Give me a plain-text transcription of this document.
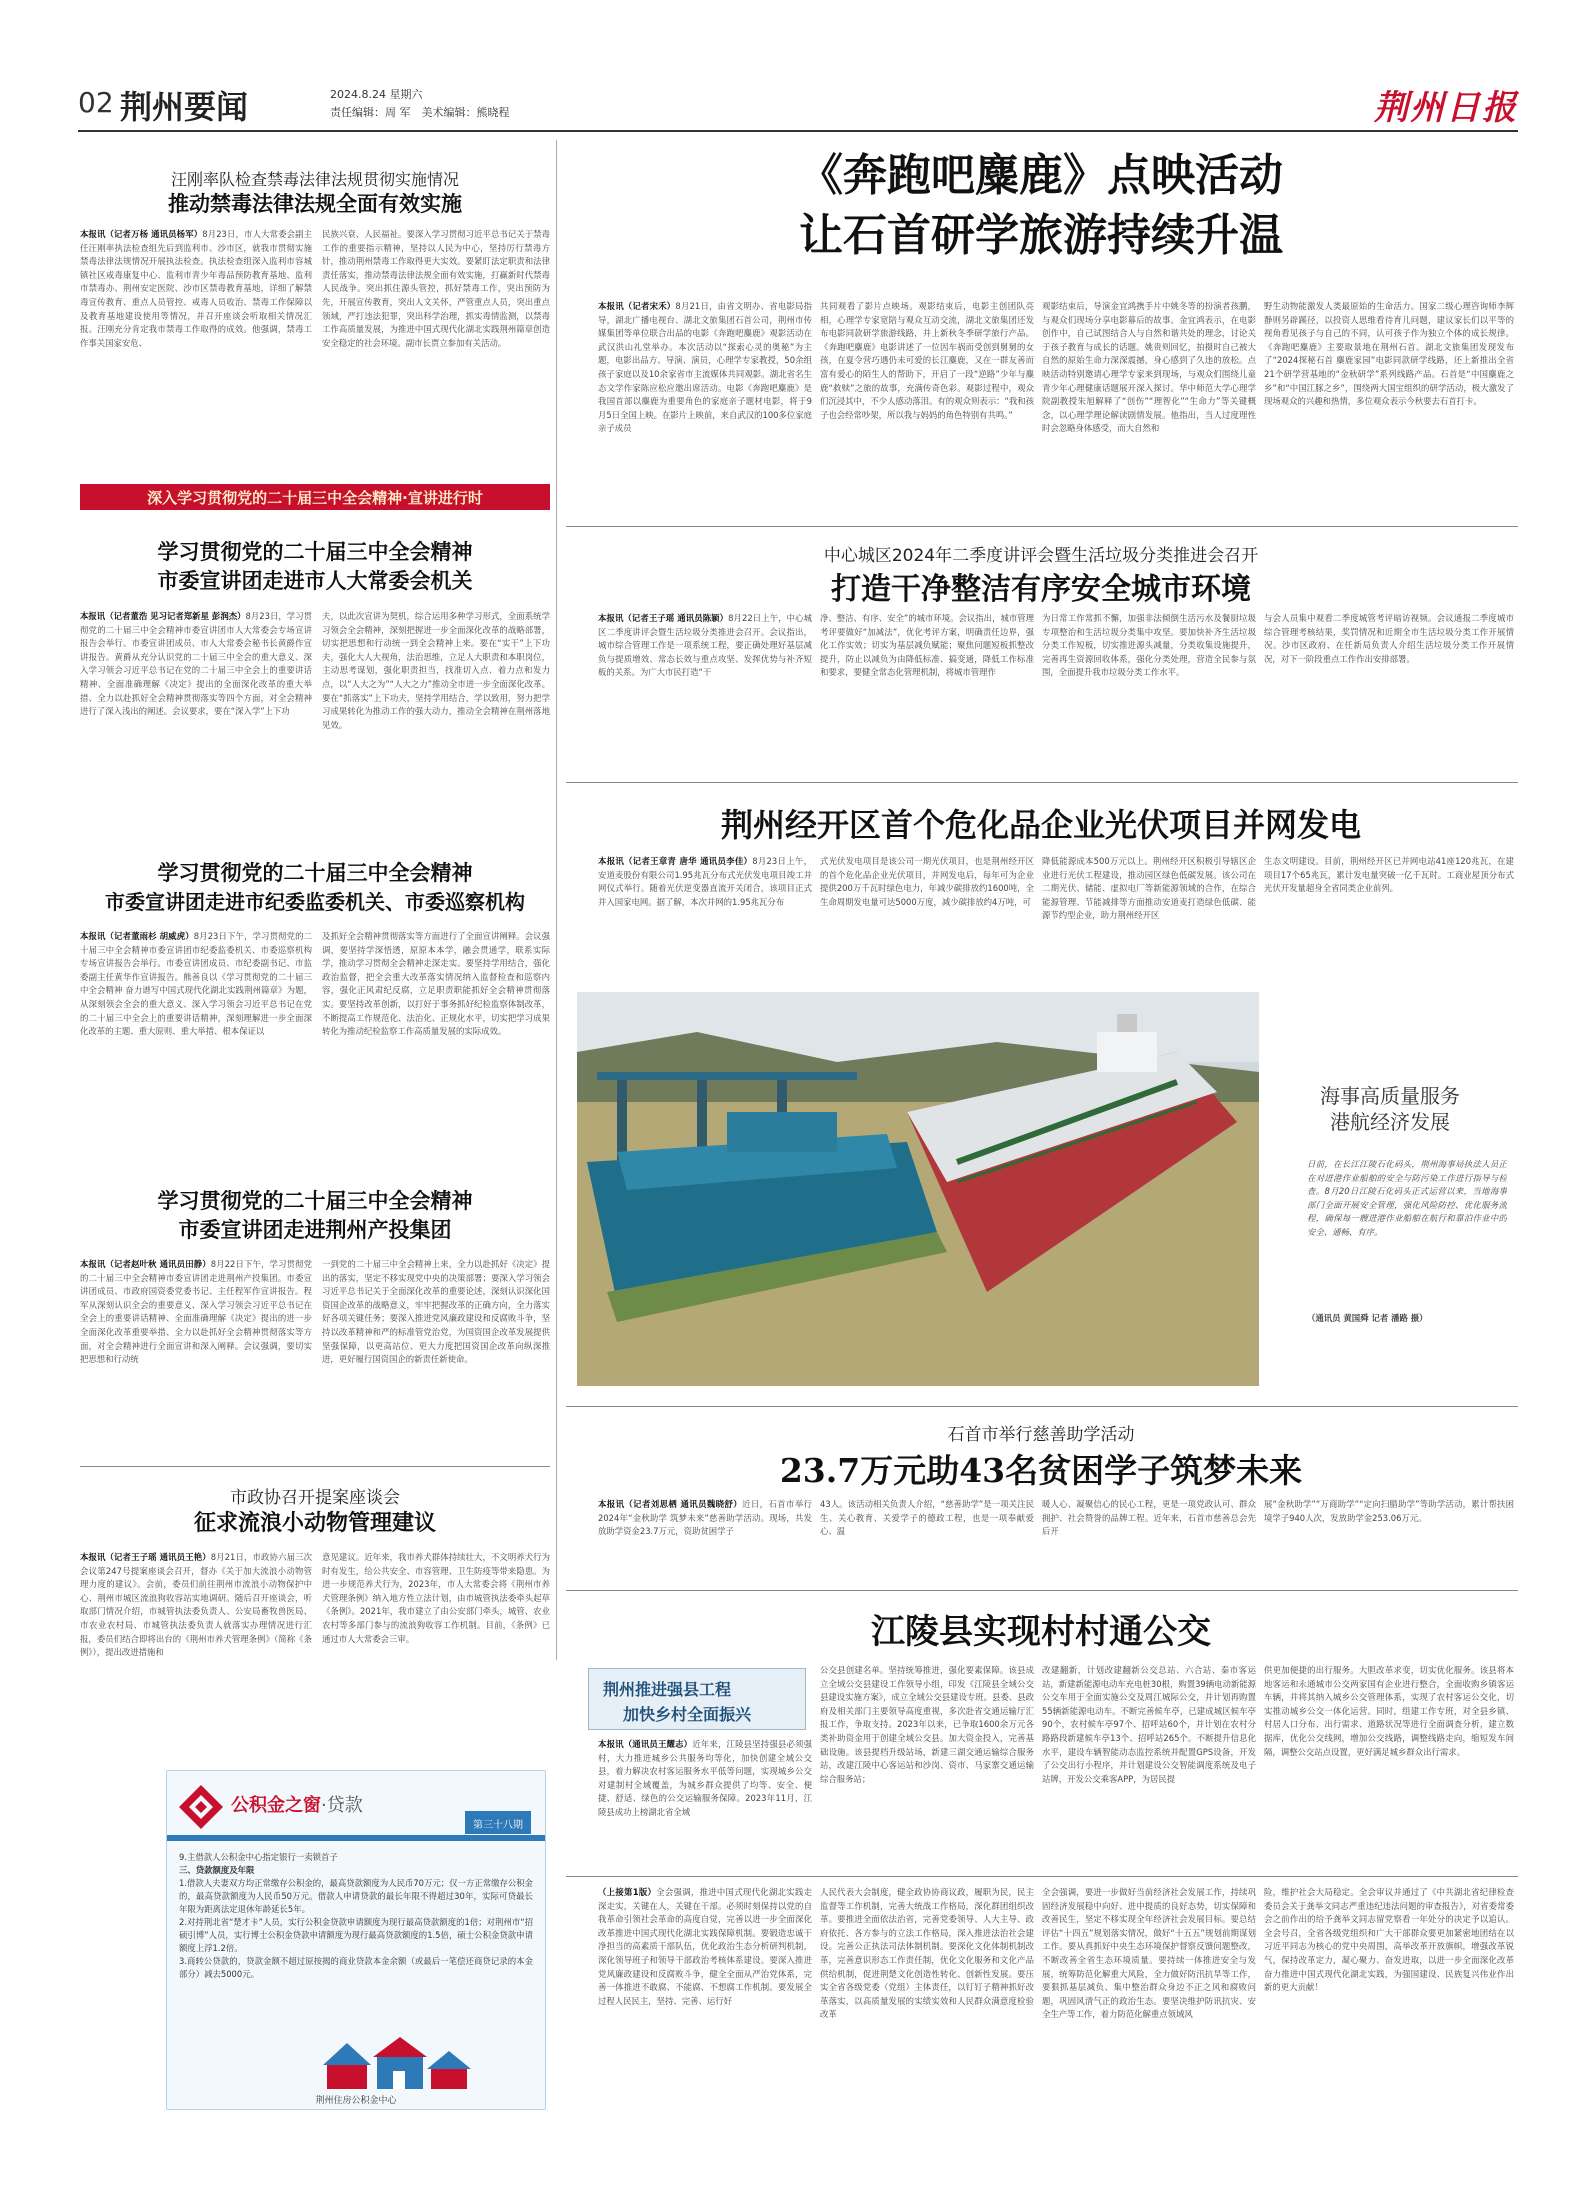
02 荆州要闻	2024.8.24 星期六
责任编辑：周 军　美术编辑：熊晓程	荆州日报
汪刚率队检查禁毒法律法规贯彻实施情况
推动禁毒法律法规全面有效实施
本报讯（记者万杨 通讯员杨军）8月23日，市人大常委会副主任汪刚率执法检查组先后到监利市、沙市区，就我市贯彻实施禁毒法律法规情况开展执法检查。执法检查组深入监利市容城镇社区戒毒康复中心、监利市青少年毒品预防教育基地、监利市禁毒办、荆州安定医院、沙市区禁毒教育基地，详细了解禁毒宣传教育、重点人员管控、戒毒人员收治、禁毒工作保障以及教育基地建设使用等情况，并召开座谈会听取相关情况汇报。汪刚充分肯定我市禁毒工作取得的成效。他强调，禁毒工作事关国家安危、
民族兴衰、人民福祉。要深入学习贯彻习近平总书记关于禁毒工作的重要指示精神，坚持以人民为中心，坚持厉行禁毒方针，推动荆州禁毒工作取得更大实效。要紧盯法定职责和法律责任落实，推动禁毒法律法规全面有效实施，打赢新时代禁毒人民战争。突出抓住源头管控，抓好禁毒工作，突出预防为先，开展宣传教育，突出人文关怀，严管重点人员，突出重点领域，严打违法犯罪，突出科学治理，抓实毒情监测，以禁毒工作高质量发展，为推进中国式现代化湖北实践荆州篇章创造安全稳定的社会环境。副市长贾立参加有关活动。
深入学习贯彻党的二十届三中全会精神·宣讲进行时
学习贯彻党的二十届三中全会精神
市委宣讲团走进市人大常委会机关
本报讯（记者董浩 见习记者郑新星 彭润杰）8月23日，学习贯彻党的二十届三中全会精神市委宣讲团市人大常委会专场宣讲报告会举行。市委宣讲团成员、市人大常委会秘书长黄爵作宣讲报告。黄爵从充分认识党的二十届三中全会的重大意义、深入学习领会习近平总书记在党的二十届三中全会上的重要讲话精神、全面准确理解《决定》提出的全面深化改革的重大举措、全力以赴抓好全会精神贯彻落实等四个方面，对全会精神进行了深入浅出的阐述。会议要求，要在“深入学”上下功
夫，以此次宣讲为契机，综合运用多种学习形式，全面系统学习领会全会精神，深刻把握进一步全面深化改革的战略部署，切实把思想和行动统一到全会精神上来。要在“实干”上下功夫，强化大人大视角，法治思维，立足人大职责和本职岗位，主动思考谋划，强化职责担当，找准切入点、着力点和发力点，以“人大之为”“人大之力”推动全市进一步全面深化改革。要在“抓落实”上下功夫，坚持学用结合，学以致用，努力把学习成果转化为推动工作的强大动力，推动全会精神在荆州落地见效。
学习贯彻党的二十届三中全会精神
市委宣讲团走进市纪委监委机关、市委巡察机构
本报讯（记者董雨杉 胡威虎）8月23日下午，学习贯彻党的二十届三中全会精神市委宣讲团市纪委监委机关、市委巡察机构专场宣讲报告会举行。市委宣讲团成员、市纪委副书记、市监委副主任黄华作宣讲报告。熊善良以《学习贯彻党的二十届三中全会精神 奋力谱写中国式现代化湖北实践荆州篇章》为题，从深刻领会全会的重大意义、深入学习领会习近平总书记在党的二十届三中全会上的重要讲话精神，深刻理解进一步全面深化改革的主题、重大原则、重大举措、根本保证以
及抓好全会精神贯彻落实等方面进行了全面宣讲阐释。会议强调，要坚持学深悟透，原原本本学，融会贯通学，联系实际学，推动学习贯彻全会精神走深走实。要坚持学用结合，强化政治监督，把全会重大改革落实情况纳入监督检查和巡察内容，强化正风肃纪反腐，立足职责职能抓好全会精神贯彻落实。要坚持改革创新，以打好于事务抓好纪检监察体制改革，不断提高工作规范化、法治化、正规化水平，切实把学习成果转化为推动纪检监察工作高质量发展的实际成效。
学习贯彻党的二十届三中全会精神
市委宣讲团走进荆州产投集团
本报讯（记者赵叶秋 通讯员田静）8月22日下午，学习贯彻党的二十届三中全会精神市委宣讲团走进荆州产投集团。市委宣讲团成员、市政府国资委党委书记、主任程军作宣讲报告。程军从深刻认识全会的重要意义、深入学习领会习近平总书记在全会上的重要讲话精神、全面准确理解《决定》提出的进一步全面深化改革重要举措、全力以赴抓好全会精神贯彻落实等方面，对全会精神进行全面宣讲和深入阐释。会议强调，要切实把思想和行动统
一到党的二十届三中全会精神上来，全力以赴抓好《决定》提出的落实，坚定不移实现党中央的决策部署；要深入学习领会习近平总书记关于全面深化改革的重要论述，深刻认识深化国资国企改革的战略意义，牢牢把握改革的正确方向，全力落实好各项关键任务；要深入推进党风廉政建设和反腐败斗争，坚持以改革精神和严的标准管党治党，为国资国企改革发展提供坚强保障，以更高站位、更大力度把国资国企改革向纵深推进，更好履行国资国企的新责任新使命。
市政协召开提案座谈会
征求流浪小动物管理建议
本报讯（记者王子瑶 通讯员王艳）8月21日，市政协六届三次会议第247号提案座谈会召开，督办《关于加大流浪小动物管理力度的建议》。会前，委员们前往荆州市流浪小动物保护中心、荆州市城区流浪狗收容站实地调研。随后召开座谈会，听取部门情况介绍，市城管执法委负责人、公安局畜牧兽医局、市农业农村局、市城管执法委负责人就落实办理情况进行汇报，委员们结合即将出台的《荆州市养犬管理条例》（简称《条例》），提出改进措施和
意见建议。近年来，我市养犬群体持续壮大，不文明养犬行为时有发生，给公共安全、市容管理、卫生防疫等带来隐患。为进一步规范养犬行为，2023年，市人大常委会将《荆州市养犬管理条例》纳入地方性立法计划，由市城管执法委牵头起草《条例》。2021年，我市建立了由公安部门牵头，城管、农业农村等多部门参与的流浪狗收容工作机制。目前，《条例》已通过市人大常委会三审。
公积金之窗·贷款
第三十八期
9.主借款人公积金中心指定银行一卖锁首子
三、贷款额度及年限
1.借款人夫妻双方均正常缴存公积金的，最高贷款额度为人民币70万元；仅一方正常缴存公积金的，最高贷款额度为人民币50万元。借款人申请贷款的最长年限不得超过30年，实际可贷最长年限为距离法定退休年龄延长5年。
2.对持荆北省“楚才卡”人员，实行公积金贷款申请额度为现行最高贷款额度的1倍；对荆州市“招硕引博”人员，实行博士公积金贷款申请额度为现行最高贷款额度的1.5倍，硕士公积金贷款申请额度上浮1.2倍。
3.商转公贷款的，贷款金额不超过原按揭的商业贷款本金余额（或最后一笔偿还商贷记录的本金部分）减去5000元。
荆州住房公积金中心
《奔跑吧麋鹿》点映活动
让石首研学旅游持续升温
本报讯（记者宋禾）8月21日，由省文明办、省电影局指导，湖北广播电视台、湖北文旅集团石首公司，荆州市传媒集团等单位联合出品的电影《奔跑吧麋鹿》观影活动在武汉洪山礼堂举办。本次活动以“探索心灵的奥秘”为主题，电影出品方、导演、演员，心理学专家教授，50余组孩子家庭以及10余家省市主流媒体共同观影。湖北省名生态文学作家陈应松应邀出席活动。电影《奔跑吧麋鹿》是我国首部以麋鹿为重要角色的家庭亲子题材电影，将于9月5日全国上映。在影片上映前，来自武汉的100多位家庭亲子成员
共同观看了影片点映场。观影结束后，电影主创团队亮相，心理学专家宽陪与观众互动交流，湖北文旅集团还发布电影同款研学旅游线路，并上新秋冬季研学旅行产品。《奔跑吧麋鹿》电影讲述了一位因车祸而受创到舅舅的女孩，在夏令营巧遇仍未可爱的长江麋鹿，又在一群友善而富有爱心的陌生人的帮助下，开启了一段“逆路”少年与麋鹿“救赎”之旅的故事，充满传奇色彩。观影过程中，观众们沉浸其中，不少人感动落泪。有的观众则表示：“我和孩子也会经常吵架，所以我与妈妈的角色特别有共鸣。”
观影结束后，导演金宜鸿携手片中姚冬等的扮演者孩鹏，与观众们现场分享电影幕后的故事。金宜鸿表示，在电影创作中，自己试图结合人与自然和谐共处的理念，讨论关于孩子教育与成长的话题。姚贵则回忆，拍摄时自己被大自然的原始生命力深深震撼，身心感到了久违的放松。点映活动特别邀请心理学专家来到现场，与观众们围绕儿童青少年心理健康话题展开深入探讨。华中师范大学心理学院副教授朱旭解释了“创伤”“理智化”“生命力”等关键概念，以心理学理论解读剧情发展。他指出，当人过度理性时会忽略身体感受，而大自然和
野生动物能激发人类最原始的生命活力。国家二级心理咨询师李辉静则另辟蹊径，以投资人思维看待育儿问题，建议家长们以平等的视角看见孩子与自己的不同，认可孩子作为独立个体的成长规律。《奔跑吧麋鹿》主要取景地在荆州石首。湖北文旅集团发现发布了“2024探秘石首 麋鹿家园”电影同款研学线路，还上新推出全省21个研学营基地的“金秋研学”系列线路产品。石首是“中国麋鹿之乡”和“中国江豚之乡”，围绕两大国宝组织的研学活动，极大激发了现场观众的兴趣和热情，多位观众表示今秋要去石首打卡。
中心城区2024年二季度讲评会暨生活垃圾分类推进会召开
打造干净整洁有序安全城市环境
本报讯（记者王子瑶 通讯员陈颖）8月22日上午，中心城区二季度讲评会暨生活垃圾分类推进会召开。会议指出，城市综合管理工作是一项系统工程，要正确处理好基层减负与提质增效、常态长效与重点攻坚、发挥优势与补齐短板的关系。为广大市民打造“干
净、整洁、有序、安全”的城市环境。会议指出，城市管理考评要做好“加减法”，优化考评方案，明确责任边界，强化工作实效；切实为基层减负赋能；聚焦问题短板抓整改提升，防止以减负为由降低标准、搞变通，降低工作标准和要求，要健全常态化管理机制，将城市管理作
为日常工作常抓不懈，加强非法倾倒生活污水及餐厨垃圾专项整治和生活垃圾分类集中攻坚。要加快补齐生活垃圾分类工作短板，切实推进源头减量，分类收集设施提升，完善再生资源回收体系，强化分类处理，营造全民参与氛围，全面提升我市垃圾分类工作水平。
与会人员集中观看二季度城管考评暗访视频。会议通报二季度城市综合管理考核结果，奖罚情况和近期全市生活垃圾分类工作开展情况。沙市区政府、在任新局负责人介绍生活垃圾分类工作开展情况，对下一阶段重点工作作出安排部署。
荆州经开区首个危化品企业光伏项目并网发电
本报讯（记者王章青 唐华 通讯员李佳）8月23日上午，安道麦股份有限公司1.95兆瓦分布式光伏发电项目竣工并网仪式举行。随着光伏逆变器直流开关闭合，该项目正式并入国家电网。据了解，本次并网的1.95兆瓦分布
式光伏发电项目是该公司一期光伏项目，也是荆州经开区的首个危化品企业光伏项目，并网发电后，每年可为企业提供200万千瓦时绿色电力，年减少碳排放约1600吨，全生命周期发电量可达5000万度，减少碳排放约4万吨，可
降低能源成本500万元以上。荆州经开区积极引导辖区企业进行光伏工程建设，推动园区绿色低碳发展。该公司在二期光伏、储能、虚拟电厂等新能源领域的合作，在综合能源管理、节能减排等方面推动安道麦打造绿色低碳、能源节约型企业，助力荆州经开区
生态文明建设。目前，荆州经开区已并网电站41座120兆瓦，在建项目17个65兆瓦，累计发电量突破一亿千瓦时。工商业屋顶分布式光伏开发量超身全省同类企业前列。
海事高质量服务
港航经济发展
日前，在长江江陵石化码头，荆州海事局执法人员正在对进港作业船舶的安全与防污染工作进行指导与检查。8月20日江陵石化码头正式运营以来，当地海事部门全面开展安全管理，强化风险防控、优化服务流程，确保每一艘进港作业船舶在航行和靠泊作业中的安全、通畅、有序。
（通讯员 黄国舜 记者 潘路 摄）
石首市举行慈善助学活动
23.7万元助43名贫困学子筑梦未来
本报讯（记者刘思栖 通讯员魏晓舒）近日，石首市举行2024年“金秋助学 筑梦未来”慈善助学活动。现场，共发放助学资金23.7万元，资助贫困学子
43人。该活动相关负责人介绍，“慈善助学”是一项关注民生、关心教育、关爱学子的德政工程，也是一项奉献爱心、温
暖人心、凝聚信心的民心工程，更是一项党政认可、群众拥护、社会赞誉的品牌工程。近年来，石首市慈善总会先后开
展“金秋助学”“万商助学”“定向扫腊助学”等助学活动，累计帮扶困境学子940人次，发放助学金253.06万元。
江陵县实现村村通公交
荆州推进强县工程
加快乡村全面振兴
本报讯（通讯员王耀志）近年来，江陵县坚持强县必须强村，大力推进城乡公共服务均等化，加快创建全域公交县，着力解决农村客运服务水平低等问题，实现城乡公交对建制村全域覆盖，为城乡群众提供了均等、安全、便捷、舒适、绿色的公交运输服务保障。2023年11月，江陵县成功上榜湖北省全域
公交县创建名单。坚持统筹推进，强化要素保障。该县成立全域公交县建设工作领导小组，印发《江陵县全域公交县建设实施方案》，成立全域公交县建设专班。县委、县政府及相关部门主要领导高度重视，多次赴省交通运输厅汇报工作，争取支持。2023年以来，已争取1600余万元各类补助资金用于创建全域公交县。加大资金投入，完善基础设施。该县提档升级站场，新建三湖交通运输综合服务站，改建江陵中心客运站和沙岗、资市、马家寨交通运输综合服务站；
改建翻新，计划改建翻新公交总站、六合站、秦市客运站，新建新能源电动车充电桩30根，购置39辆电动新能源公交车用于全面实施公交及周江城际公交，并计划再购置55辆新能源电动车。不断完善候车亭，已建成城区候车亭90个，农村候车亭97个、招呼站60个，并计划在农村分路路段新建候车亭13个、招呼站265个。不断提升信息化水平，建设车辆智能动态监控系统并配置GPS设备，开发了公交出行小程序，并计划建设公交智能调度系统及电子站牌，开发公交乘客APP，为居民提
供更加便捷的出行服务。大胆改革求变，切实优化服务。该县将本地客运和永通城市公交两家国有企业进行整合，全面收购乡镇客运车辆，并将其纳入城乡公交管理体系，实现了农村客运公交化，切实推动城乡公交一体化运营。同时，组建工作专班，对全县乡镇、村居人口分布、出行需求、道路状况等进行全面调查分析，建立数据库，优化公交线网，增加公交线路，调整线路走向，缩短发车间隔，调整公交站点设置，更好满足城乡群众出行需求。
（上接第1版）全会强调，推进中国式现代化湖北实践走深走实，关键在人，关键在干部。必须时刻保持以党的自我革命引领社会革命的高度自觉，完善以进一步全面深化改革推进中国式现代化湖北实践保障机制。要锻造忠诚干净担当的高素质干部队伍，优化政治生态分析研判机制，深化领导班子和领导干部政治考核体系建设。要深入推进党风廉政建设和反腐败斗争，健全全面从严治党体系，完善一体推进不敢腐、不能腐、不想腐工作机制。要发展全过程人民民主，坚持、完善、运行好
人民代表大会制度，健全政协协商议政，履职为民，民主监督等工作机制，完善大统战工作格局，深化群团组织改革。要推进全面依法治省，完善党委领导、人大主导、政府依托、各方参与的立法工作格局，深入推进法治社会建设。完善公正执法司法体制机制。要深化文化体制机制改革，完善意识形态工作责任制，优化文化服务和文化产品供给机制，促进荆楚文化创造性转化、创新性发展。要压实全省各级党委（党组）主体责任，以钉钉子精神抓好改革落实，以高质量发展的实绩实效和人民群众满意度检验改革
全会强调，要进一步做好当前经济社会发展工作，持续巩固经济发展稳中向好、进中提质的良好态势，切实保障和改善民生，坚定不移实现全年经济社会发展目标。要总结评估“十四五”规划落实情况，做好“十五五”规划前期谋划工作。要从真抓好中央生态环境保护督察反馈问题整改，不断改善全省生态环境质量。要持续一体推进安全与发展，统筹防范化解重大风险，全力做好防汛抗旱等工作，要狠抓基层减负、集中整治群众身边不正之风和腐败问题，巩固风清气正的政治生态。要坚决维护防讯抗灾、安全生产等工作，着力防范化解重点领域风
险，维护社会大局稳定。全会审议并通过了《中共湖北省纪律检查委员会关于龚举文同志严重违纪违法问题的审查报告》，对省委常委会之前作出的给予龚举文同志留党察看一年处分的决定予以追认。全会号召，全省各级党组织和广大干部群众要更加紧密地团结在以习近平同志为核心的党中央周围，高举改革开放旗帜，增强改革锐气，保持改革定力，凝心聚力、奋发进取，以进一步全面深化改革奋力推进中国式现代化湖北实践，为强国建设、民族复兴伟业作出新的更大贡献！
